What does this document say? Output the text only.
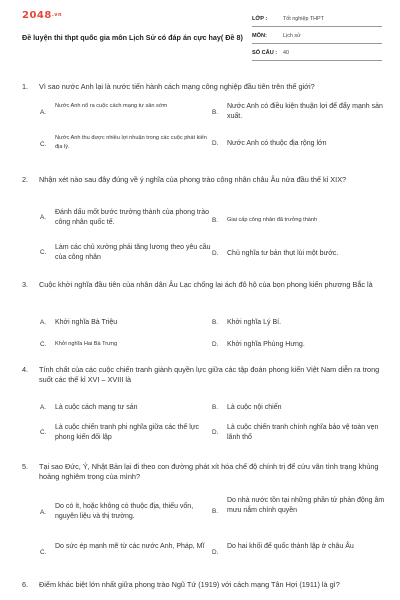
2048.vn
Đề luyện thi thpt quốc gia môn Lịch Sử có đáp án cực hay( Đề 8)
LỚP :	Tốt nghiệp THPT
MÔN:	Lịch sử
SỐ CÂU : 40
1. Vì sao nước Anh lại là nước tiến hành cách mạng công nghiệp đầu tiên trên thế giới?
A.
Nước Anh nổ ra cuộc cách mạng tư sản sớm
B.
Nước Anh có điều kiện thuận lợi để đẩy mạnh sản xuất.
C.
Nước Anh thu được nhiều lợi nhuận trong các cuộc phát kiến địa lý.	D. Nước Anh có thuộc địa rộng lớn
2. Nhận xét nào sau đây đúng về ý nghĩa của phong trào công nhân châu Âu nửa đầu thế kỉ XIX?
A.
Đánh dấu mốt bước trưởng thành của phong trào công nhân quốc tế.	B. Giai cấp công nhân đã trưởng thành
C.
Làm các chủ xưởng phải tăng lương theo yêu cầu của công nhân
D. Chủ nghĩa tư bản thụt lùi một bước.
3. Cuộc khởi nghĩa đầu tiên của nhân dân Âu Lạc chống lại ách đô hộ của bọn phong kiến phương Bắc là
A. Khởi nghĩa Bà Triệu	B. Khởi nghĩa Lý Bí.
C. Khởi nghĩa Hai Bà Trưng	D. Khởi nghĩa Phùng Hưng.
4. Tính chất của các cuộc chiến tranh giành quyền lực giữa các tập đoàn phong kiến Việt Nam diễn ra trong suốt các thế kỉ XVI – XVIII là
A. Là cuộc cách mạng tư sản	B. Là cuộc nội chiến
C.
Là cuộc chiến tranh phi nghĩa giữa các thế lực phong kiến đối lập
D.
Là cuộc chiến tranh chính nghĩa bảo vệ toàn vẹn lãnh thổ
5. Tại sao Đức, Ý, Nhật Bản lại đi theo con đường phát xít hóa chế độ chính trị để cứu vãn tình trạng khủng hoảng nghiêm trọng của mình?
A.
Do có ít, hoặc không có thuộc địa, thiếu vốn, nguyên liệu và thị trường.
B.
Do nhà nước tồn tại những phần tử phản động âm mưu nắm chính quyền
C.
Do sức ép mạnh mẽ từ các nước Anh, Pháp, Mĩ
D.
Do hai khối đế quốc thành lập ở châu Âu
6. Điểm khác biệt lớn nhất giữa phong trào Ngũ Tứ (1919) với cách mạng Tân Hợi (1911) là gì?
